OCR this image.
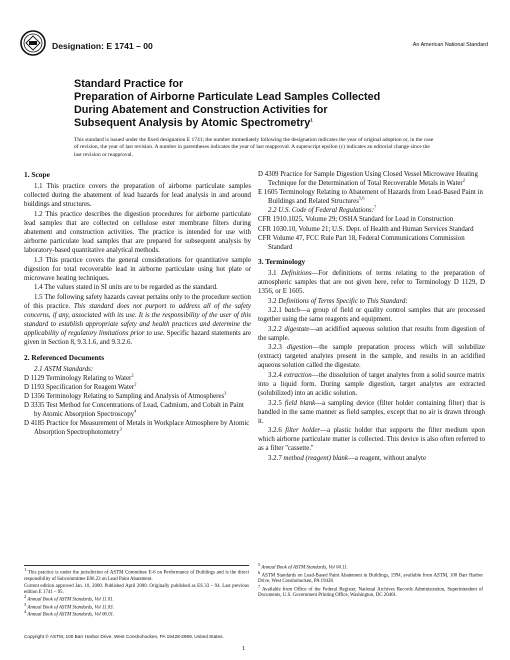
Designation: E 1741 – 00	An American National Standard
Standard Practice for
Preparation of Airborne Particulate Lead Samples Collected
During Abatement and Construction Activities for
Subsequent Analysis by Atomic Spectrometry$^1$
This standard is issued under the fixed designation E 1741; the number immediately following the designation indicates the year of original adoption or, in the case of revision, the year of last revision. A number in parentheses indicates the year of last reapproval. A superscript epsilon (ε) indicates an editorial change since the last revision or reapproval.
1. Scope

1.1 This practice covers the preparation of airborne particulate samples collected during the abatement of lead hazards for lead analysis in and around buildings and structures.

1.2 This practice describes the digestion procedures for airborne particulate lead samples that are collected on cellulose ester membrane filters during abatement and construction activities. The practice is intended for use with airborne particulate lead samples that are prepared for subsequent analysis by laboratory-based quantitative analytical methods.

1.3 This practice covers the general considerations for quantitative sample digestion for total recoverable lead in airborne particulate using hot plate or microwave heating techniques.

1.4 The values stated in SI units are to be regarded as the standard.

1.5 The following safety hazards caveat pertains only to the procedure section of this practice. This standard does not purport to address all of the safety concerns, if any, associated with its use. It is the responsibility of the user of this standard to establish appropriate safety and health practices and determine the applicability of regulatory limitations prior to use. Specific hazard statements are given in Section 8, 9.3.1.6, and 9.3.2.6.

2. Referenced Documents

2.1 ASTM Standards:

D 1129 Terminology Relating to Water$^2$

D 1193 Specification for Reagent Water$^2$

D 1356 Terminology Relating to Sampling and Analysis of Atmospheres$^3$

D 3335 Test Method for Concentrations of Lead, Cadmium, and Cobalt in Paint by Atomic Absorption Spectroscopy$^4$

D 4185 Practice for Measurement of Metals in Workplace Atmosphere by Atomic Absorption Spectrophotometry$^3$

D 4309 Practice for Sample Digestion Using Closed Vessel Microwave Heating Technique for the Determination of Total Recoverable Metals in Water$^2$

E 1605 Terminology Relating to Abatement of Hazards from Lead-Based Paint in Buildings and Related Structures$^{5,6}$

2.2 U.S. Code of Federal Regulations:$^7$

CFR 1910.1025, Volume 29; OSHA Standard for Lead in Construction

CFR 1030.10, Volume 21; U.S. Dept. of Health and Human Services Standard

CFR Volume 47, FCC Rule Part 18, Federal Communications Commission Standard

3. Terminology

3.1 Definitions—For definitions of terms relating to the preparation of atmospheric samples that are not given here, refer to Terminology D 1129, D 1356, or E 1605.

3.2 Definitions of Terms Specific to This Standard:

3.2.1 batch—a group of field or quality control samples that are processed together using the same reagents and equipment.

3.2.2 digestate—an acidified aqueous solution that results from digestion of the sample.

3.2.3 digestion—the sample preparation process which will solubilize (extract) targeted analytes present in the sample, and results in an acidified aqueous solution called the digestate.

3.2.4 extraction—the dissolution of target analytes from a solid source matrix into a liquid form. During sample digestion, target analytes are extracted (solubilized) into an acidic solution.

3.2.5 field blank—a sampling device (filter holder containing filter) that is handled in the same manner as field samples, except that no air is drawn through it.

3.2.6 filter holder—a plastic holder that supports the filter medium upon which airborne particulate matter is collected. This device is also often referred to as a filter ''cassette.''

3.2.7 method (reagent) blank—a reagent, without analyte

$^1$ This practice is under the jurisdiction of ASTM Committee E-6 on Performance of Buildings and is the direct responsibility of Subcommittee E06.23 on Lead Paint Abatement.
Current edition approved Jan. 10, 2000. Published April 2000. Originally published as ES 33 – 94. Last previous edition E 1741 – 95.
$^2$ Annual Book of ASTM Standards, Vol 11.01.
$^3$ Annual Book of ASTM Standards, Vol 11.03.
$^4$ Annual Book of ASTM Standards, Vol 06.01.
$^5$ Annual Book of ASTM Standards, Vol 04.11.
$^6$ ASTM Standards on Lead-Based Paint Abatement in Buildings, 1994, available from ASTM, 100 Barr Harbor Drive, West Conshohocken, PA 19428.
$^7$ Available from Office of the Federal Register, National Archives Records Administration, Superintendent of Documents, U.S. Government Printing Office, Washington, DC 20401.
Copyright © ASTM, 100 Barr Harbor Drive, West Conshohocken, PA 19428-2959, United States.
1
